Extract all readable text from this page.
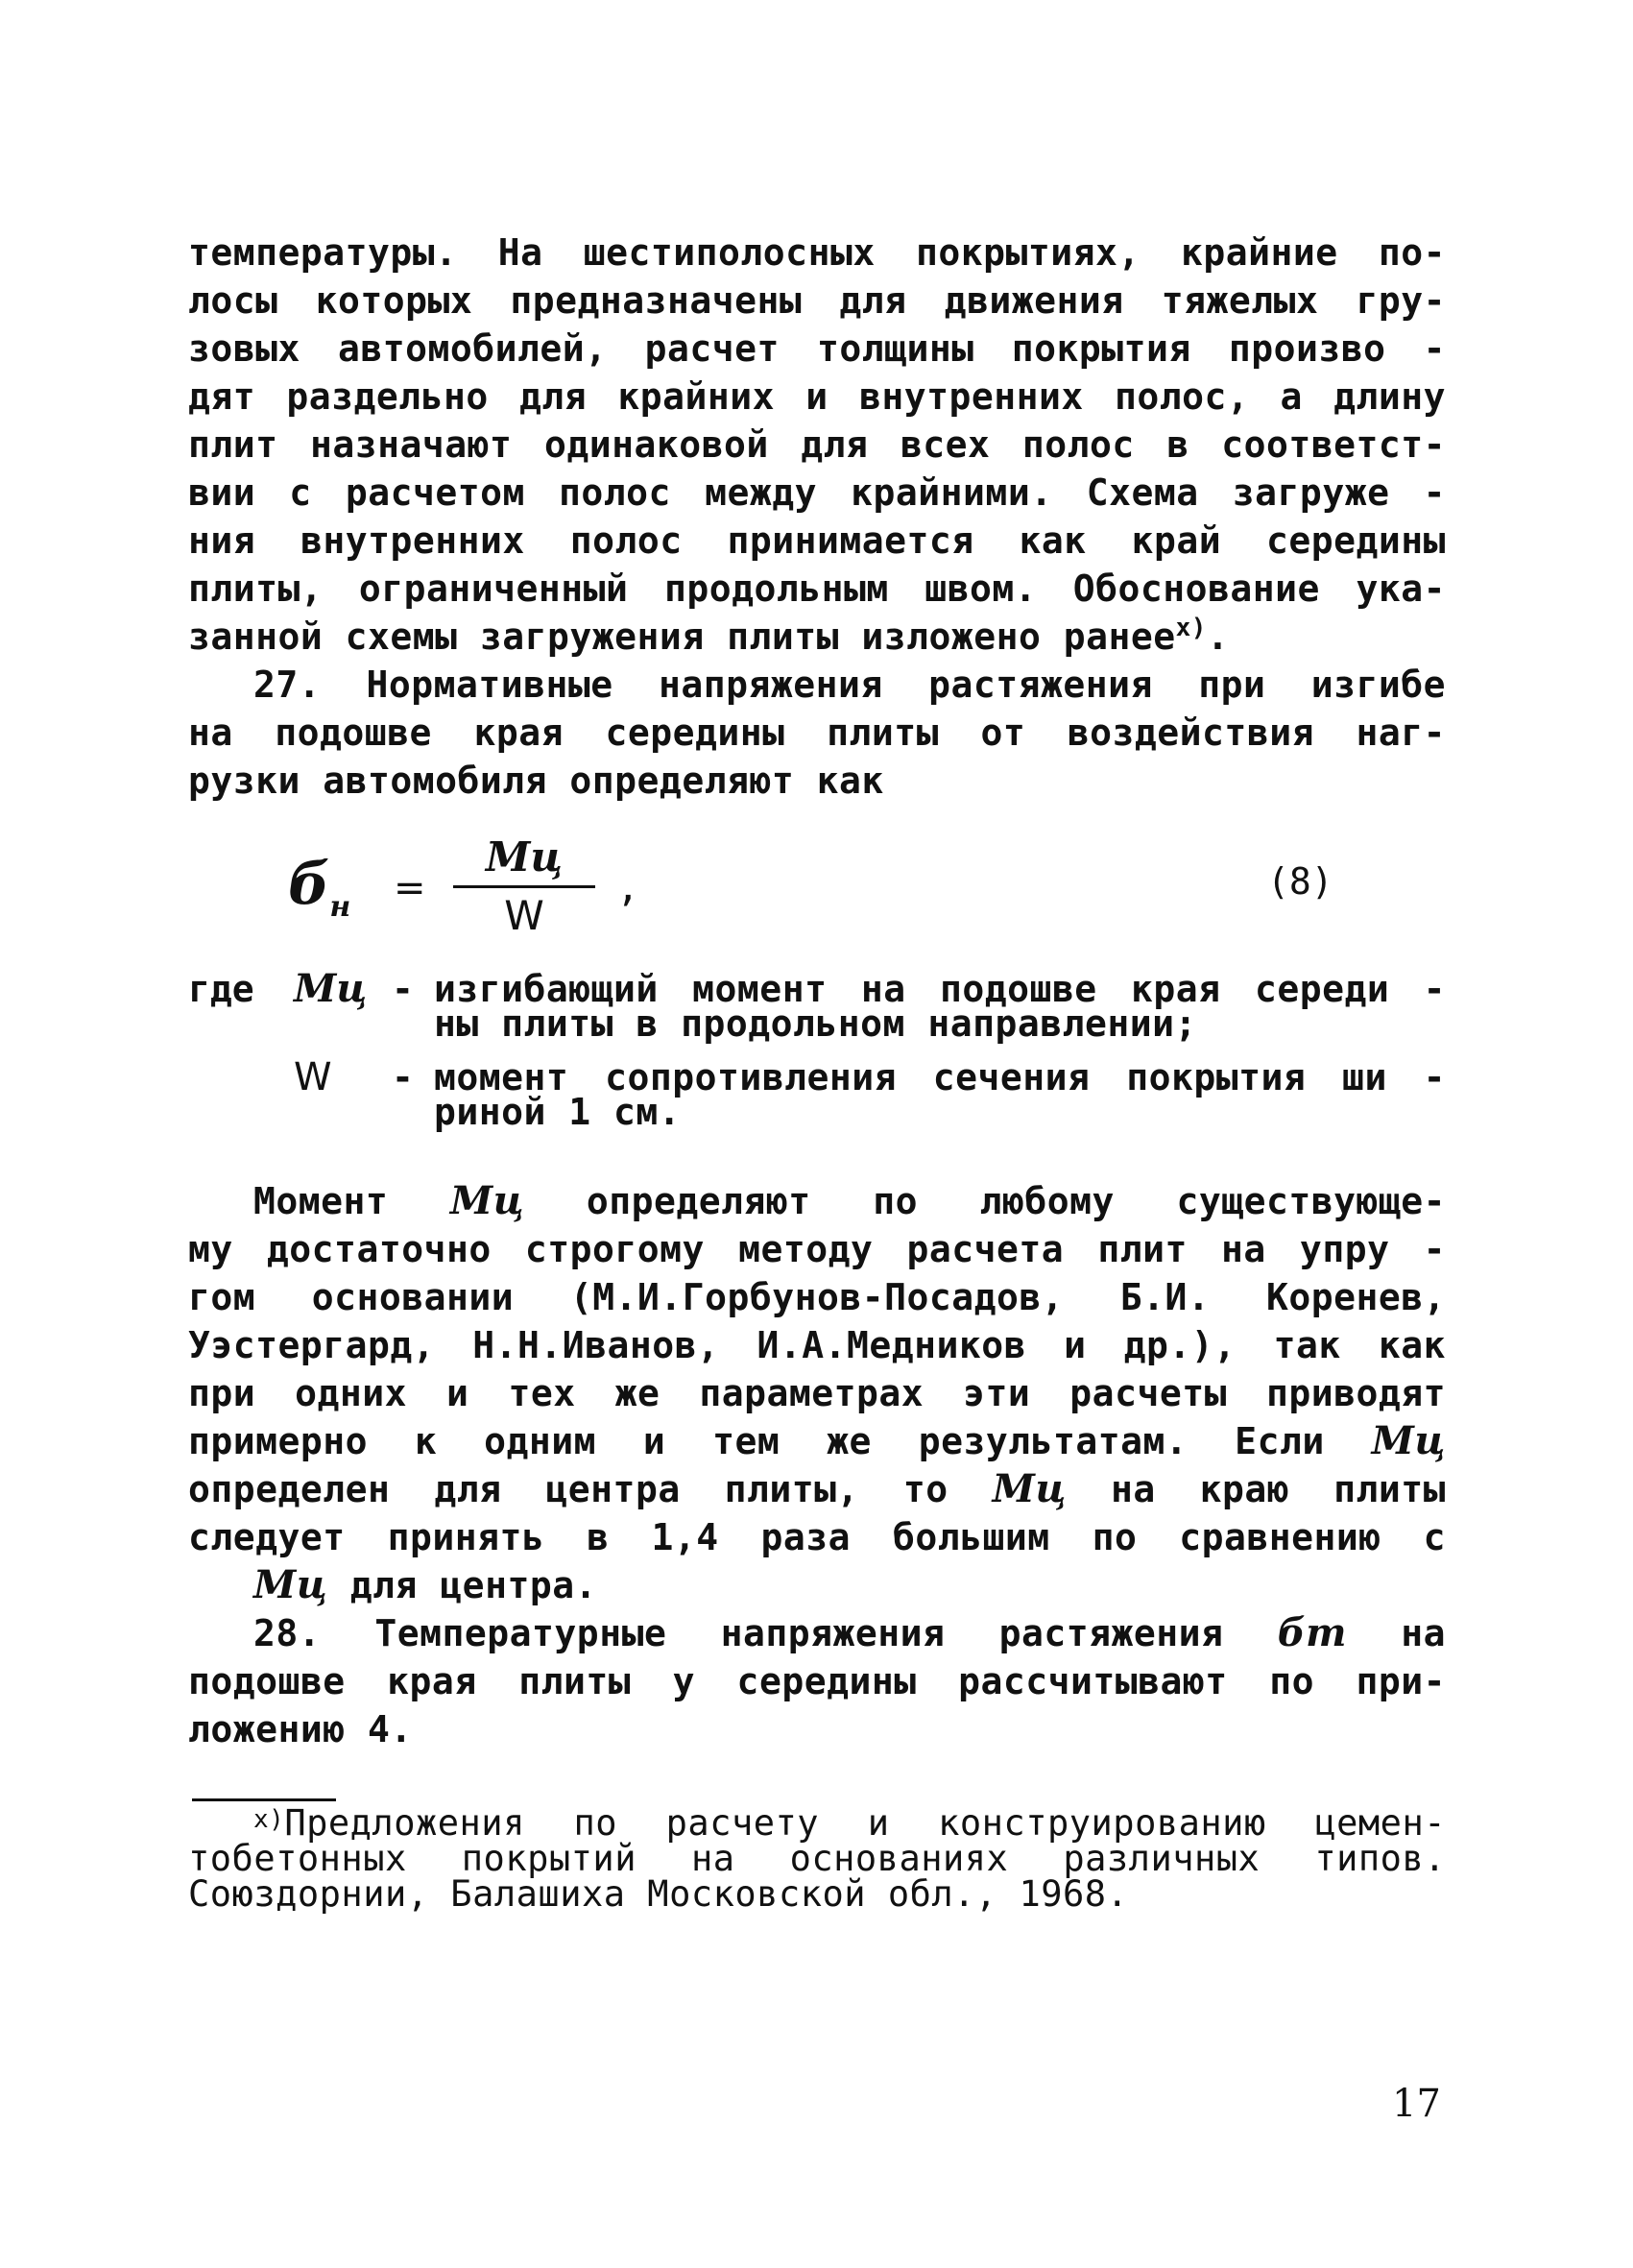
температуры. На шестиполосных покрытиях, крайние по-
лосы которых предназначены для движения тяжелых гру-
зовых автомобилей, расчет толщины покрытия произво -
дят раздельно для крайних и внутренних полос, а длину
плит назначают одинаковой для всех полос в соответст-
вии с расчетом полос между крайними. Схема загруже -
ния внутренних полос принимается как край середины
плиты, ограниченный продольным швом. Обоснование ука-
занной схемы загружения плиты изложено ранее$^{x)}$.
27. Нормативные напряжения растяжения при изгибе
на подошве края середины плиты от воздействия наг-
рузки автомобиля определяют как
$б_н$ =
Мц
W
,	(8)
где	Мц - изгибающий момент на подошве края середи -
ны плиты в продольном направлении;
W	- момент сопротивления сечения покрытия ши -
риной 1 см.
Момент Мц определяют по любому существующе-
му достаточно строгому методу расчета плит на упру -
гом основании (М.И.Горбунов-Посадов, Б.И. Коренев,
Уэстергард, Н.Н.Иванов, И.А.Медников и др.), так как
при одних и тех же параметрах эти расчеты приводят
примерно к одним и тем же результатам. Если Мц
определен для центра плиты, то Мц на краю плиты
следует принять в 1,4 раза большим по сравнению с
Мц для центра.
28. Температурные напряжения растяжения бт на
подошве края плиты у середины рассчитывают по при-
ложению 4.
$^{x)}$Предложения по расчету и конструированию цемен-
тобетонных покрытий на основаниях различных типов.
Союздорнии, Балашиха Московской обл., 1968.
17
